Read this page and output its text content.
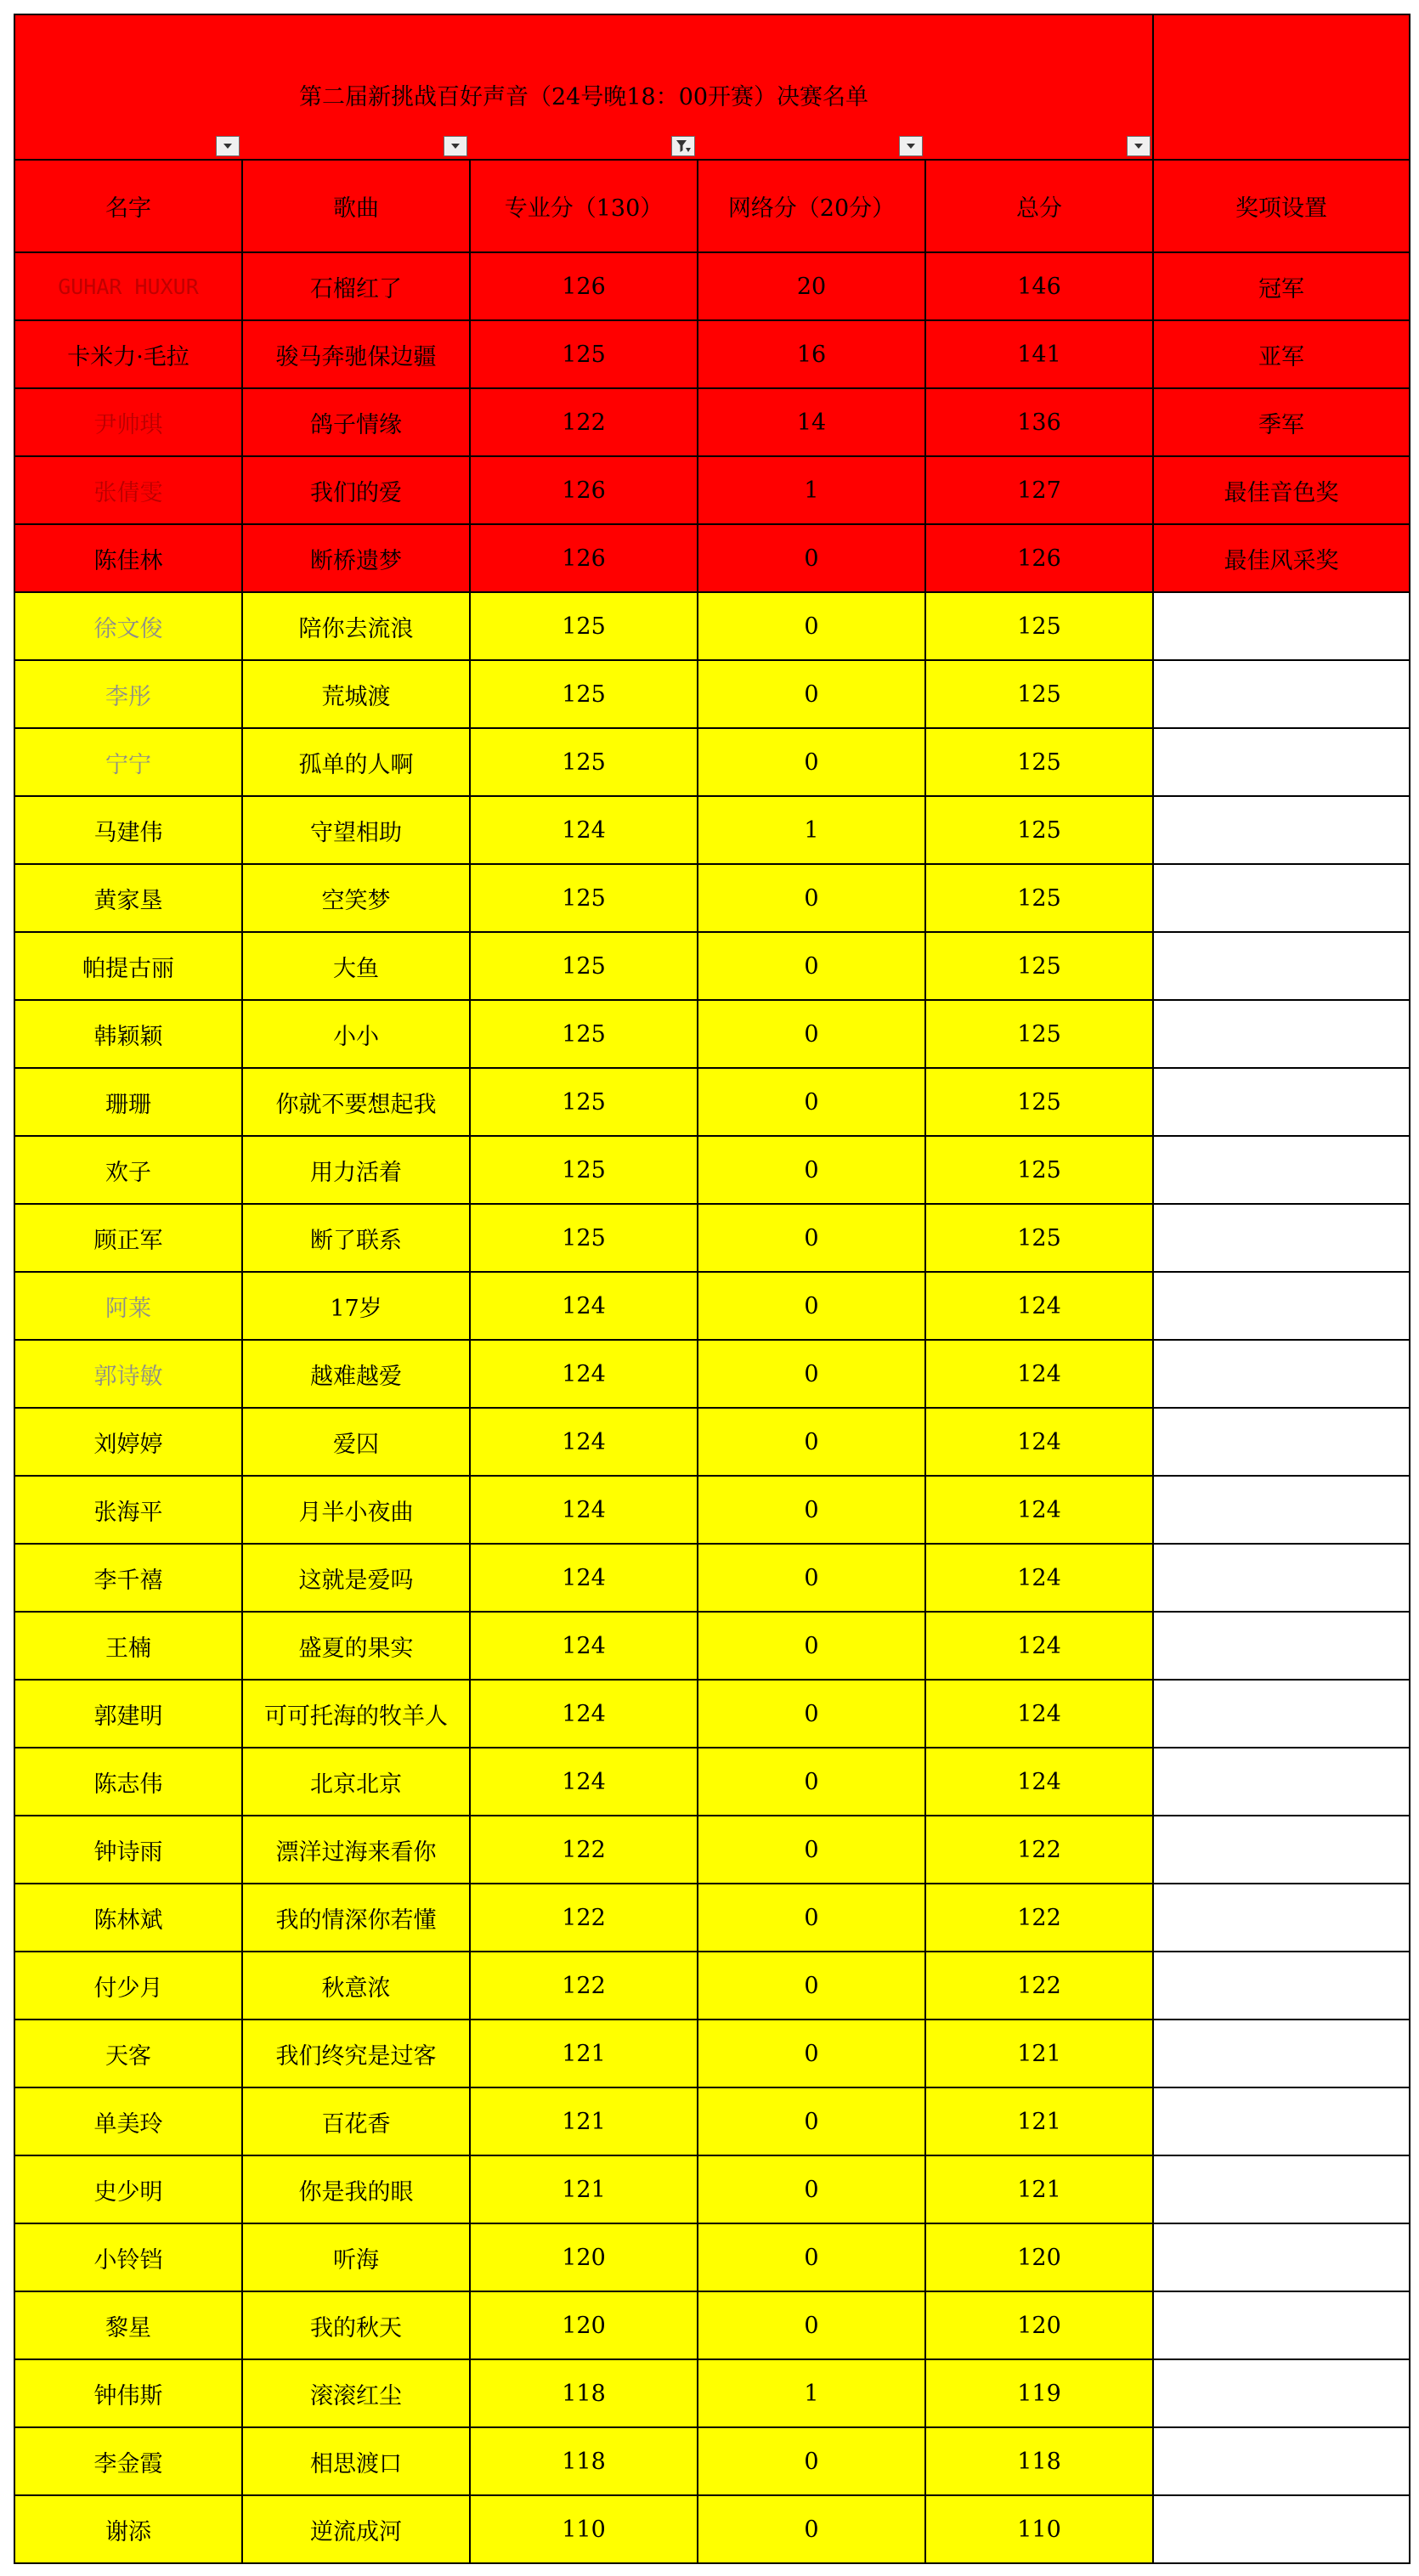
第二届新挑战百好声音（24号晚18：00开赛）决赛名单					

名字	歌曲	专业分（130）	网络分（20分）	总分	奖项设置
GUHAR HUXUR	石榴红了	126	20	146	冠军
卡米力·毛拉	骏马奔驰保边疆	125	16	141	亚军
尹帅琪	鸽子情缘	122	14	136	季军
张倩雯	我们的爱	126	1	127	最佳音色奖
陈佳林	断桥遗梦	126	0	126	最佳风采奖
徐文俊	陪你去流浪	125	0	125	
李彤	荒城渡	125	0	125	
宁宁	孤单的人啊	125	0	125	
马建伟	守望相助	124	1	125	
黄家垦	空笑梦	125	0	125	
帕提古丽	大鱼	125	0	125	
韩颖颖	小小	125	0	125	
珊珊	你就不要想起我	125	0	125	
欢子	用力活着	125	0	125	
顾正军	断了联系	125	0	125	
阿莱	17岁	124	0	124	
郭诗敏	越难越爱	124	0	124	
刘婷婷	爱囚	124	0	124	
张海平	月半小夜曲	124	0	124	
李千禧	这就是爱吗	124	0	124	
王楠	盛夏的果实	124	0	124	
郭建明	可可托海的牧羊人	124	0	124	
陈志伟	北京北京	124	0	124	
钟诗雨	漂洋过海来看你	122	0	122	
陈林斌	我的情深你若懂	122	0	122	
付少月	秋意浓	122	0	122	
天客	我们终究是过客	121	0	121	
单美玲	百花香	121	0	121	
史少明	你是我的眼	121	0	121	
小铃铛	听海	120	0	120	
黎星	我的秋天	120	0	120	
钟伟斯	滚滚红尘	118	1	119	
李金霞	相思渡口	118	0	118	
谢添	逆流成河	110	0	110	
